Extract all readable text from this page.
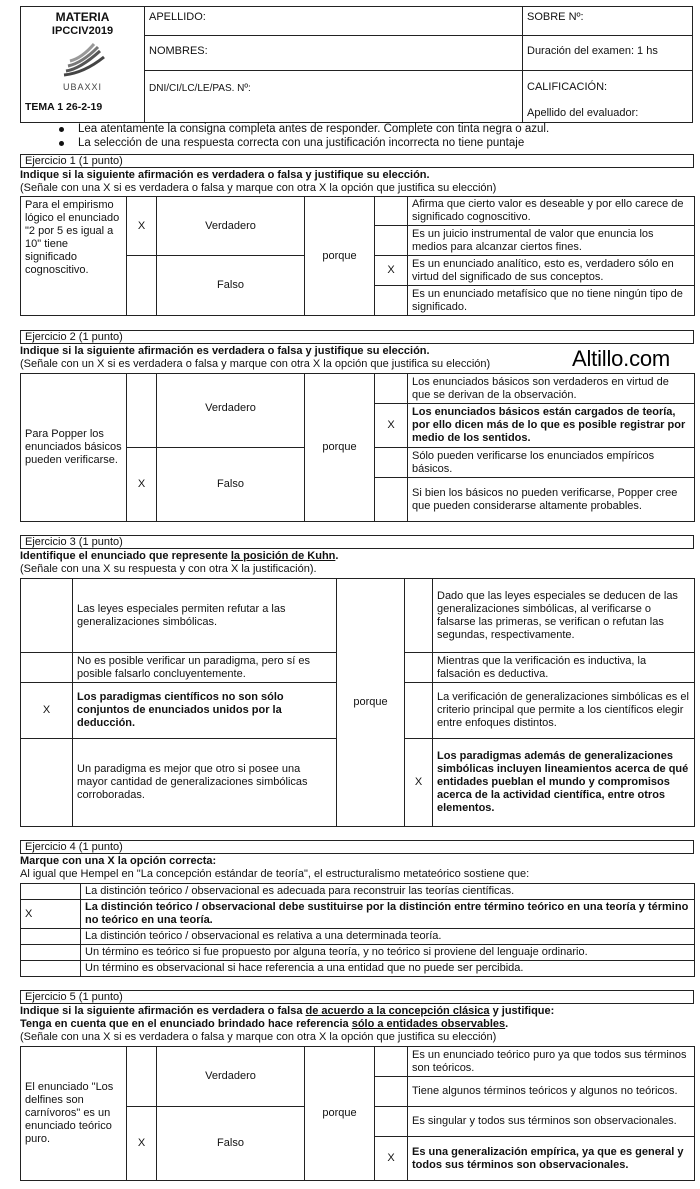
MATERIA
IPCCIV2019
UBAXXI
TEMA 1 26-2-19	APELLIDO:	SOBRE Nº:
	NOMBRES:	Duración del examen: 1 hs
	DNI/CI/LC/LE/PAS. Nº:	CALIFICACIÓN:
Apellido del evaluador:
Lea atentamente la consigna completa antes de responder. Complete con tinta negra o azul.
La selección de una respuesta correcta con una justificación incorrecta no tiene puntaje
Ejercicio 1 (1 punto)
Indique si la siguiente afirmación es verdadera o falsa y justifique su elección.
(Señale con una X si es verdadera o falsa y marque con otra X la opción que justifica su elección)
Para el empirismo lógico el enunciado "2 por 5 es igual a 10" tiene significado cognoscitivo.	X	Verdadero	porque		Afirma que cierto valor es deseable y por ello carece de significado cognoscitivo.
					Es un juicio instrumental de valor que enuncia los medios para alcanzar ciertos fines.
		Falso		X	Es un enunciado analítico, esto es, verdadero sólo en virtud del significado de sus conceptos.
					Es un enunciado metafísico que no tiene ningún tipo de significado.
Ejercicio 2 (1 punto)
Indique si la siguiente afirmación es verdadera o falsa y justifique su elección.
(Señale con un X si es verdadera o falsa y marque con otra X la opción que justifica su elección)	Altillo.com
Para Popper los enunciados básicos pueden verificarse.		Verdadero	porque		Los enunciados básicos son verdaderos en virtud de que se derivan de la observación.
				X	Los enunciados básicos están cargados de teoría, por ello dicen más de lo que es posible registrar por medio de los sentidos.
	X	Falso			Sólo pueden verificarse los enunciados empíricos básicos.
					Si bien los básicos no pueden verificarse, Popper cree que pueden considerarse altamente probables.
Ejercicio 3 (1 punto)
Identifique el enunciado que represente la posición de Kuhn.
(Señale con una X su respuesta y con otra X la justificación).
	Las leyes especiales permiten refutar a las generalizaciones simbólicas.	porque		Dado que las leyes especiales se deducen de las generalizaciones simbólicas, al verificarse o falsarse las primeras, se verifican o refutan las segundas, respectivamente.
	No es posible verificar un paradigma, pero sí es posible falsarlo concluyentemente.			Mientras que la verificación es inductiva, la falsación es deductiva.
X	Los paradigmas científicos no son sólo conjuntos de enunciados unidos por la deducción.			La verificación de generalizaciones simbólicas es el criterio principal que permite a los científicos elegir entre enfoques distintos.
	Un paradigma es mejor que otro si posee una mayor cantidad de generalizaciones simbólicas corroboradas.		X	Los paradigmas además de generalizaciones simbólicas incluyen lineamientos acerca de qué entidades pueblan el mundo y compromisos acerca de la actividad científica, entre otros elementos.
Ejercicio 4 (1 punto)
Marque con una X la opción correcta:
Al igual que Hempel en "La concepción estándar de teoría", el estructuralismo metateórico sostiene que:
	La distinción teórico / observacional es adecuada para reconstruir las teorías científicas.
X	La distinción teórico / observacional debe sustituirse por la distinción entre término teórico en una teoría y término no teórico en una teoría.
	La distinción teórico / observacional es relativa a una determinada teoría.
	Un término es teórico si fue propuesto por alguna teoría, y no teórico si proviene del lenguaje ordinario.
	Un término es observacional si hace referencia a una entidad que no puede ser percibida.
Ejercicio 5 (1 punto)
Indique si la siguiente afirmación es verdadera o falsa de acuerdo a la concepción clásica y justifique:
Tenga en cuenta que en el enunciado brindado hace referencia sólo a entidades observables.
(Señale con una X si es verdadera o falsa y marque con otra X la opción que justifica su elección)
El enunciado "Los delfines son carnívoros" es un enunciado teórico puro.		Verdadero	porque		Es un enunciado teórico puro ya que todos sus términos son teóricos.
					Tiene algunos términos teóricos y algunos no teóricos.
	X	Falso			Es singular y todos sus términos son observacionales.
				X	Es una generalización empírica, ya que es general y todos sus términos son observacionales.
